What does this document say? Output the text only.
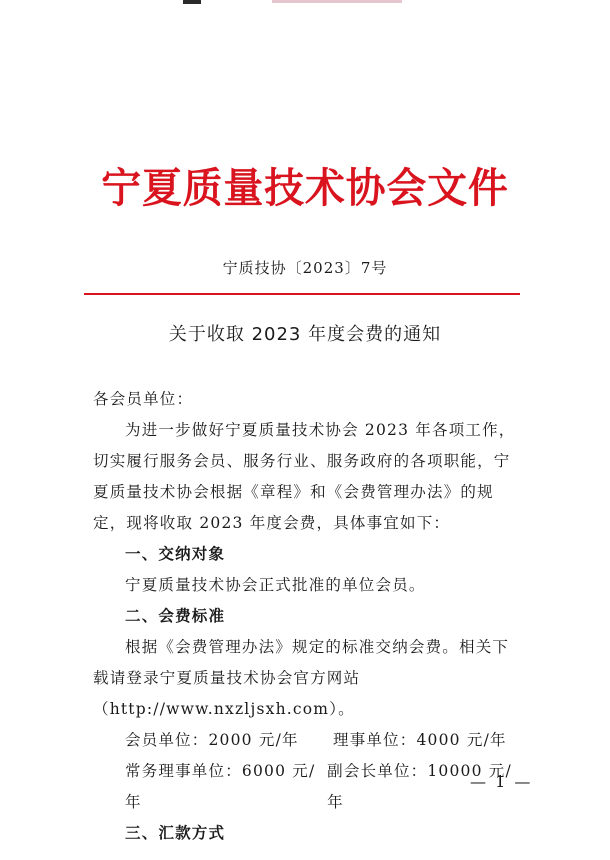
宁夏质量技术协会文件
宁质技协〔2023〕7号
关于收取 2023 年度会费的通知

各会员单位：

为进一步做好宁夏质量技术协会 2023 年各项工作，切实履行服务会员、服务行业、服务政府的各项职能，宁夏质量技术协会根据《章程》和《会费管理办法》的规定，现将收取 2023 年度会费，具体事宜如下：

一、交纳对象

宁夏质量技术协会正式批准的单位会员。

二、会费标准

根据《会费管理办法》规定的标准交纳会费。相关下载请登录宁夏质量技术协会官方网站（http://www.nxzljsxh.com）。

会员单位：2000 元/年	理事单位：4000 元/年
常务理事单位：6000 元/年
副会长单位：10000 元/年

三、汇款方式

— 1 —
